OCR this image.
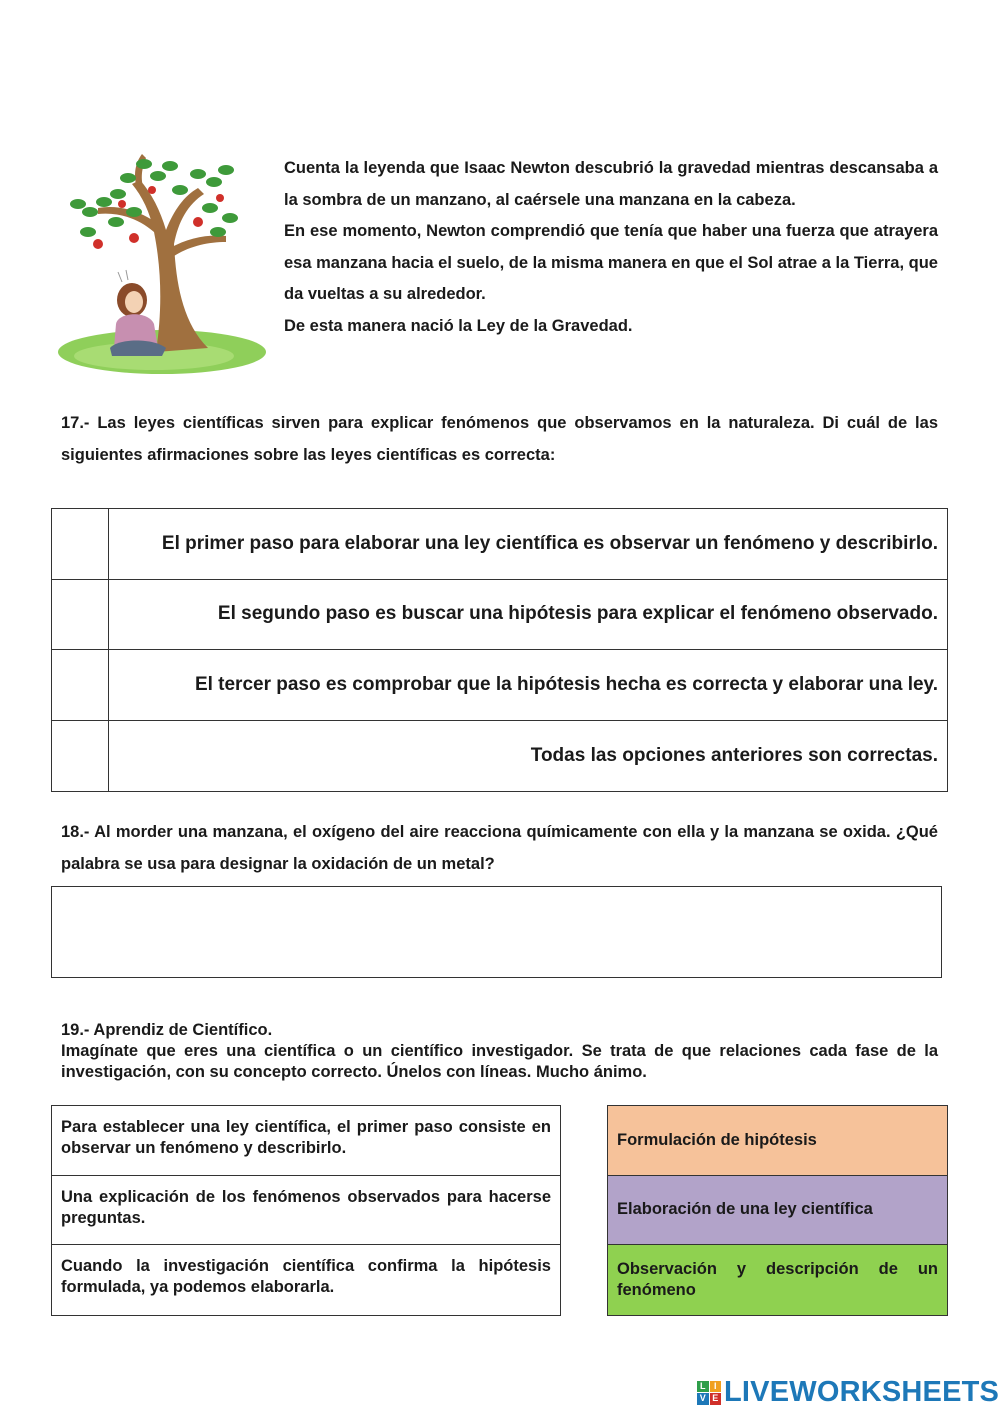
Cuenta la leyenda que Isaac Newton descubrió la gravedad mientras descansaba a la sombra de un manzano, al caérsele una manzana en la cabeza.

En ese momento, Newton comprendió que tenía que haber una fuerza que atrayera esa manzana hacia el suelo, de la misma manera en que el Sol atrae a la Tierra, que da vueltas a su alrededor.

De esta manera nació la Ley de la Gravedad.

17.- Las leyes científicas sirven para explicar fenómenos que observamos en la naturaleza. Di cuál de las siguientes afirmaciones sobre las leyes científicas es correcta:
El primer paso para elaborar una ley científica es observar un fenómeno y describirlo.
El segundo paso es buscar una hipótesis para explicar el fenómeno observado.
El tercer paso es comprobar que la hipótesis hecha es correcta y elaborar una ley.
Todas las opciones anteriores son correctas.
18.- Al morder una manzana, el oxígeno del aire reacciona químicamente con ella y la manzana se oxida. ¿Qué palabra se usa para designar la oxidación de un metal?
19.- Aprendiz de Científico.
Imagínate que eres una científica o un científico investigador. Se trata de que relaciones cada fase de la investigación, con su concepto correcto. Únelos con líneas. Mucho ánimo.
Para establecer una ley científica, el primer paso consiste en observar un fenómeno y describirlo.
Una explicación de los fenómenos observados para hacerse preguntas.
Cuando la investigación científica confirma la hipótesis formulada, ya podemos elaborarla.
Formulación de hipótesis
Elaboración de una ley científica
Observación y descripción de un fenómeno
L I
V E LIVEWORKSHEETS
